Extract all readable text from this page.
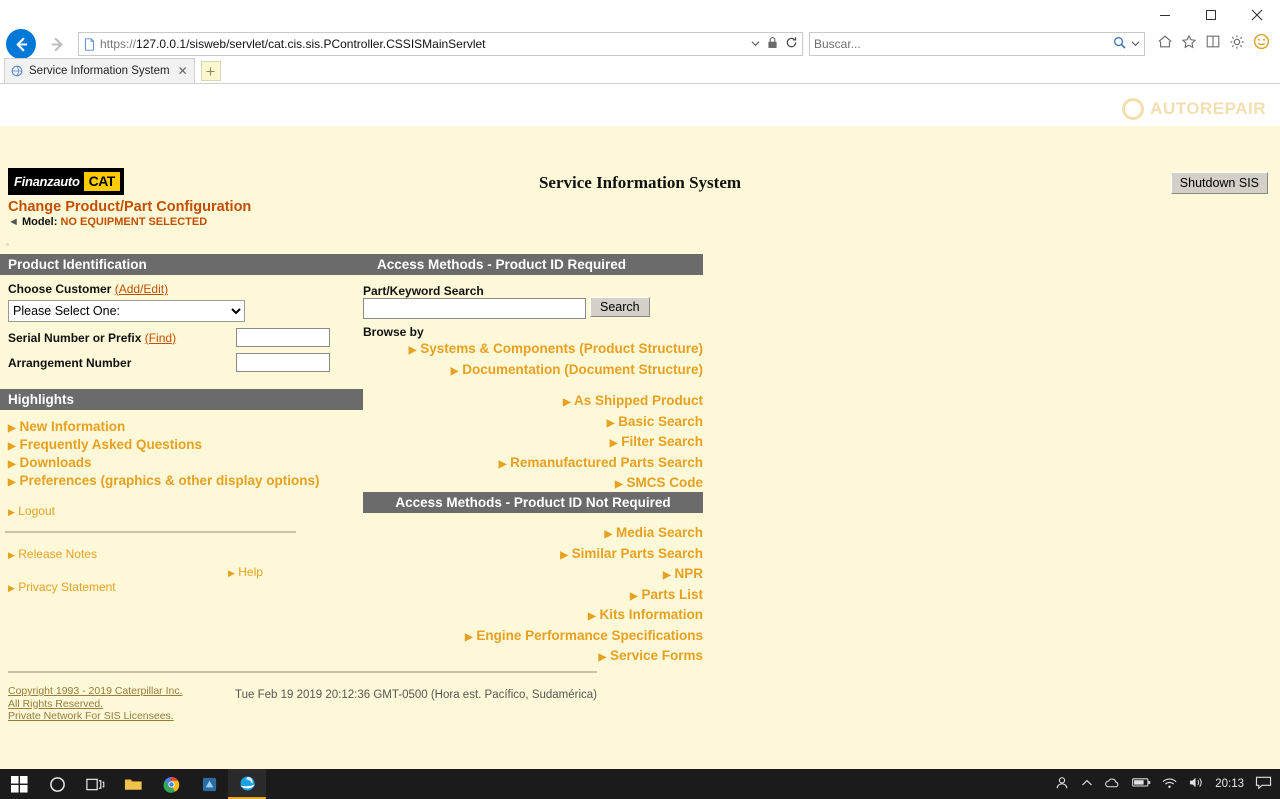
https://127.0.0.1/sisweb/servlet/cat.cis.sis.PController.CSSISMainServlet	Buscar...
Service Information System ✕
Finanzauto CAT	Service Information System	Shutdown SIS
Change Product/Part Configuration
◄ Model: NO EQUIPMENT SELECTED
▫
Product Identification	Access Methods - Product ID Required
Choose Customer (Add/Edit)
Please Select One:
Serial Number or Prefix (Find)
Arrangement Number
Highlights
▶ New Information
▶ Frequently Asked Questions
▶ Downloads
▶ Preferences (graphics & other display options)
▶ Logout
▶ Release Notes
▶ Privacy Statement
▶ Help
Part/Keyword Search
Search
Browse by
▶ Systems & Components (Product Structure)
▶ Documentation (Document Structure)
▶ As Shipped Product
▶ Basic Search
▶ Filter Search
▶ Remanufactured Parts Search
▶ SMCS Code
Access Methods - Product ID Not Required
▶ Media Search
▶ Similar Parts Search
▶ NPR
▶ Parts List
▶ Kits Information
▶ Engine Performance Specifications
▶ Service Forms
Copyright 1993 - 2019 Caterpillar Inc.
All Rights Reserved.
Private Network For SIS Licensees.
Tue Feb 19 2019 20:12:36 GMT-0500 (Hora est. Pacífico, Sudamérica)
AUTOREPAIR
20:13
